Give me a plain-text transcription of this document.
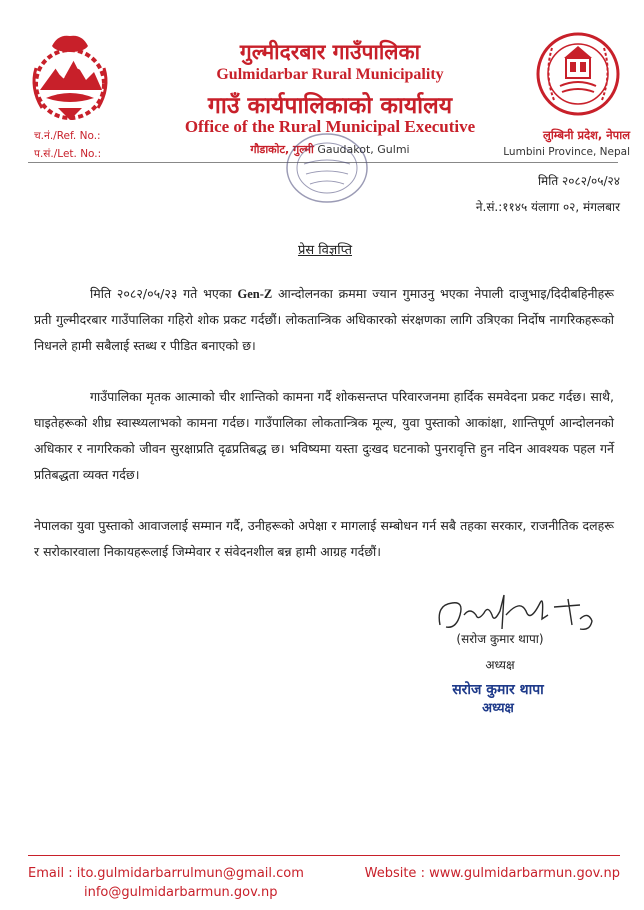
गुल्मीदरबार गाउँपालिका
Gulmidarbar Rural Municipality
गाउँ कार्यपालिकाको कार्यालय
Office of the Rural Municipal Executive
गौडाकोट, गुल्मी Gaudakot, Gulmi
च.नं./Ref. No.:
प.सं./Let. No.:
लुम्बिनी प्रदेश, नेपाल
Lumbini Province, Nepal
मिति २०८२/०५/२४
ने.सं.:११४५ यंलागा ०२, मंगलबार
प्रेस विज्ञप्ति
मिति २०८२/०५/२३ गते भएका Gen-Z आन्दोलनका क्रममा ज्यान गुमाउनु भएका नेपाली दाजुभाइ/दिदीबहिनीहरू प्रती गुल्मीदरबार गाउँपालिका गहिरो शोक प्रकट गर्दछौं। लोकतान्त्रिक अधिकारको संरक्षणका लागि उत्रिएका निर्दोष नागरिकहरूको निधनले हामी सबैलाई स्तब्ध र पीडित बनाएको छ।
गाउँपालिका मृतक आत्माको चीर शान्तिको कामना गर्दै शोकसन्तप्त परिवारजनमा हार्दिक समवेदना प्रकट गर्दछ। साथै, घाइतेहरूको शीघ्र स्वास्थ्यलाभको कामना गर्दछ। गाउँपालिका लोकतान्त्रिक मूल्य, युवा पुस्ताको आकांक्षा, शान्तिपूर्ण आन्दोलनको अधिकार र नागरिकको जीवन सुरक्षाप्रति दृढप्रतिबद्ध छ। भविष्यमा यस्ता दुःखद घटनाको पुनरावृत्ति हुन नदिन आवश्यक पहल गर्ने प्रतिबद्धता व्यक्त गर्दछ।
नेपालका युवा पुस्ताको आवाजलाई सम्मान गर्दै, उनीहरूको अपेक्षा र मागलाई सम्बोधन गर्न सबै तहका सरकार, राजनीतिक दलहरू र सरोकारवाला निकायहरूलाई जिम्मेवार र संवेदनशील बन्न हामी आग्रह गर्दछौं।
(सरोज कुमार थापा)
अध्यक्ष
सरोज कुमार थापा
अध्यक्ष
Email : ito.gulmidarbarrulmun@gmail.com
info@gulmidarbarmun.gov.np
Website : www.gulmidarbarmun.gov.np
